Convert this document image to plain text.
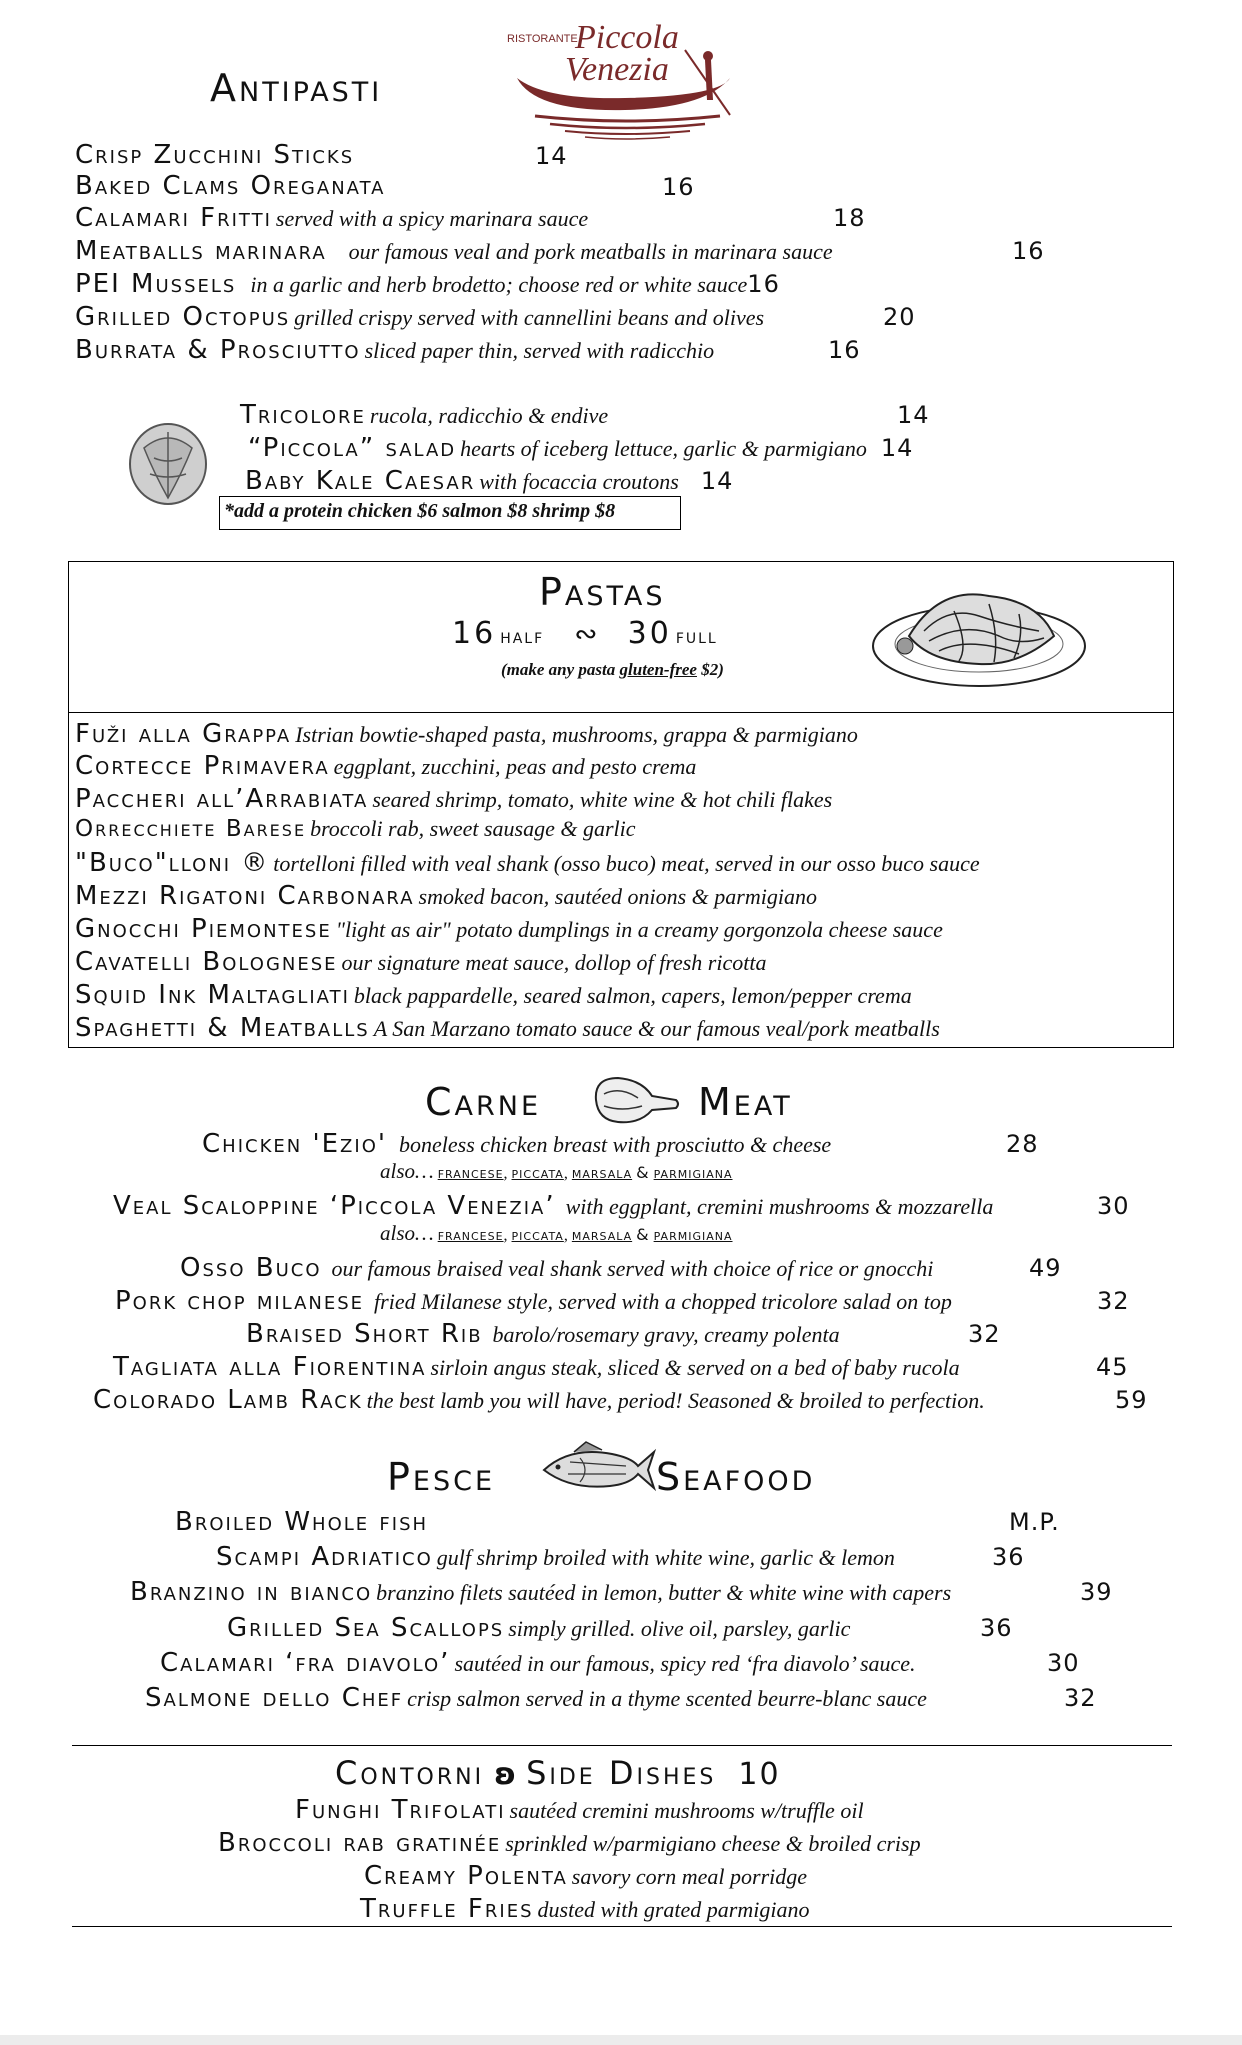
RISTORANTE
Piccola
Venezia
Antipasti
Crisp Zucchini Sticks	14
Baked Clams Oreganata	16
Calamari Fritti served with a spicy marinara sauce	18
Meatballs marinara our famous veal and pork meatballs in marinara sauce	16
PEI Mussels in a garlic and herb brodetto; choose red or white sauce16
Grilled Octopus grilled crispy served with cannellini beans and olives	20
Burrata & Prosciutto sliced paper thin, served with radicchio	16
Tricolore rucola, radicchio & endive	14
“Piccola” salad hearts of iceberg lettuce, garlic & parmigiano 14
Baby Kale Caesar with focaccia croutons 14
*add a protein chicken $6 salmon $8 shrimp $8
Pastas
16 half ∾ 30 full
(make any pasta gluten-free $2)
Fuži alla Grappa Istrian bowtie-shaped pasta, mushrooms, grappa & parmigiano
Cortecce Primavera eggplant, zucchini, peas and pesto crema
Paccheri all’Arrabiata seared shrimp, tomato, white wine & hot chili flakes
Orrecchiete Barese broccoli rab, sweet sausage & garlic
"Buco"lloni ® tortelloni filled with veal shank (osso buco) meat, served in our osso buco sauce
Mezzi Rigatoni Carbonara smoked bacon, sautéed onions & parmigiano
Gnocchi Piemontese "light as air" potato dumplings in a creamy gorgonzola cheese sauce
Cavatelli Bolognese our signature meat sauce, dollop of fresh ricotta
Squid Ink Maltagliati black pappardelle, seared salmon, capers, lemon/pepper crema
Spaghetti & Meatballs A San Marzano tomato sauce & our famous veal/pork meatballs
Carne	Meat
Chicken 'Ezio' boneless chicken breast with prosciutto & cheese	28
also… francese, piccata, marsala & parmigiana
Veal Scaloppine ‘Piccola Venezia’ with eggplant, cremini mushrooms & mozzarella	30
also… francese, piccata, marsala & parmigiana
Osso Buco our famous braised veal shank served with choice of rice or gnocchi	49
Pork chop milanese fried Milanese style, served with a chopped tricolore salad on top	32
Braised Short Rib barolo/rosemary gravy, creamy polenta	32
Tagliata alla Fiorentina sirloin angus steak, sliced & served on a bed of baby rucola	45
Colorado Lamb Rack the best lamb you will have, period! Seasoned & broiled to perfection.	59
Pesce	Seafood
Broiled Whole fish	M.P.
Scampi Adriatico gulf shrimp broiled with white wine, garlic & lemon	36
Branzino in bianco branzino filets sautéed in lemon, butter & white wine with capers	39
Grilled Sea Scallops simply grilled. olive oil, parsley, garlic	36
Calamari ‘fra diavolo’ sautéed in our famous, spicy red ‘fra diavolo’ sauce.	30
Salmone dello Chef crisp salmon served in a thyme scented beurre-blanc sauce	32
Contorni ʚ Side Dishes 10
Funghi Trifolati sautéed cremini mushrooms w/truffle oil
Broccoli rab gratinée sprinkled w/parmigiano cheese & broiled crisp
Creamy Polenta savory corn meal porridge
Truffle Fries dusted with grated parmigiano
